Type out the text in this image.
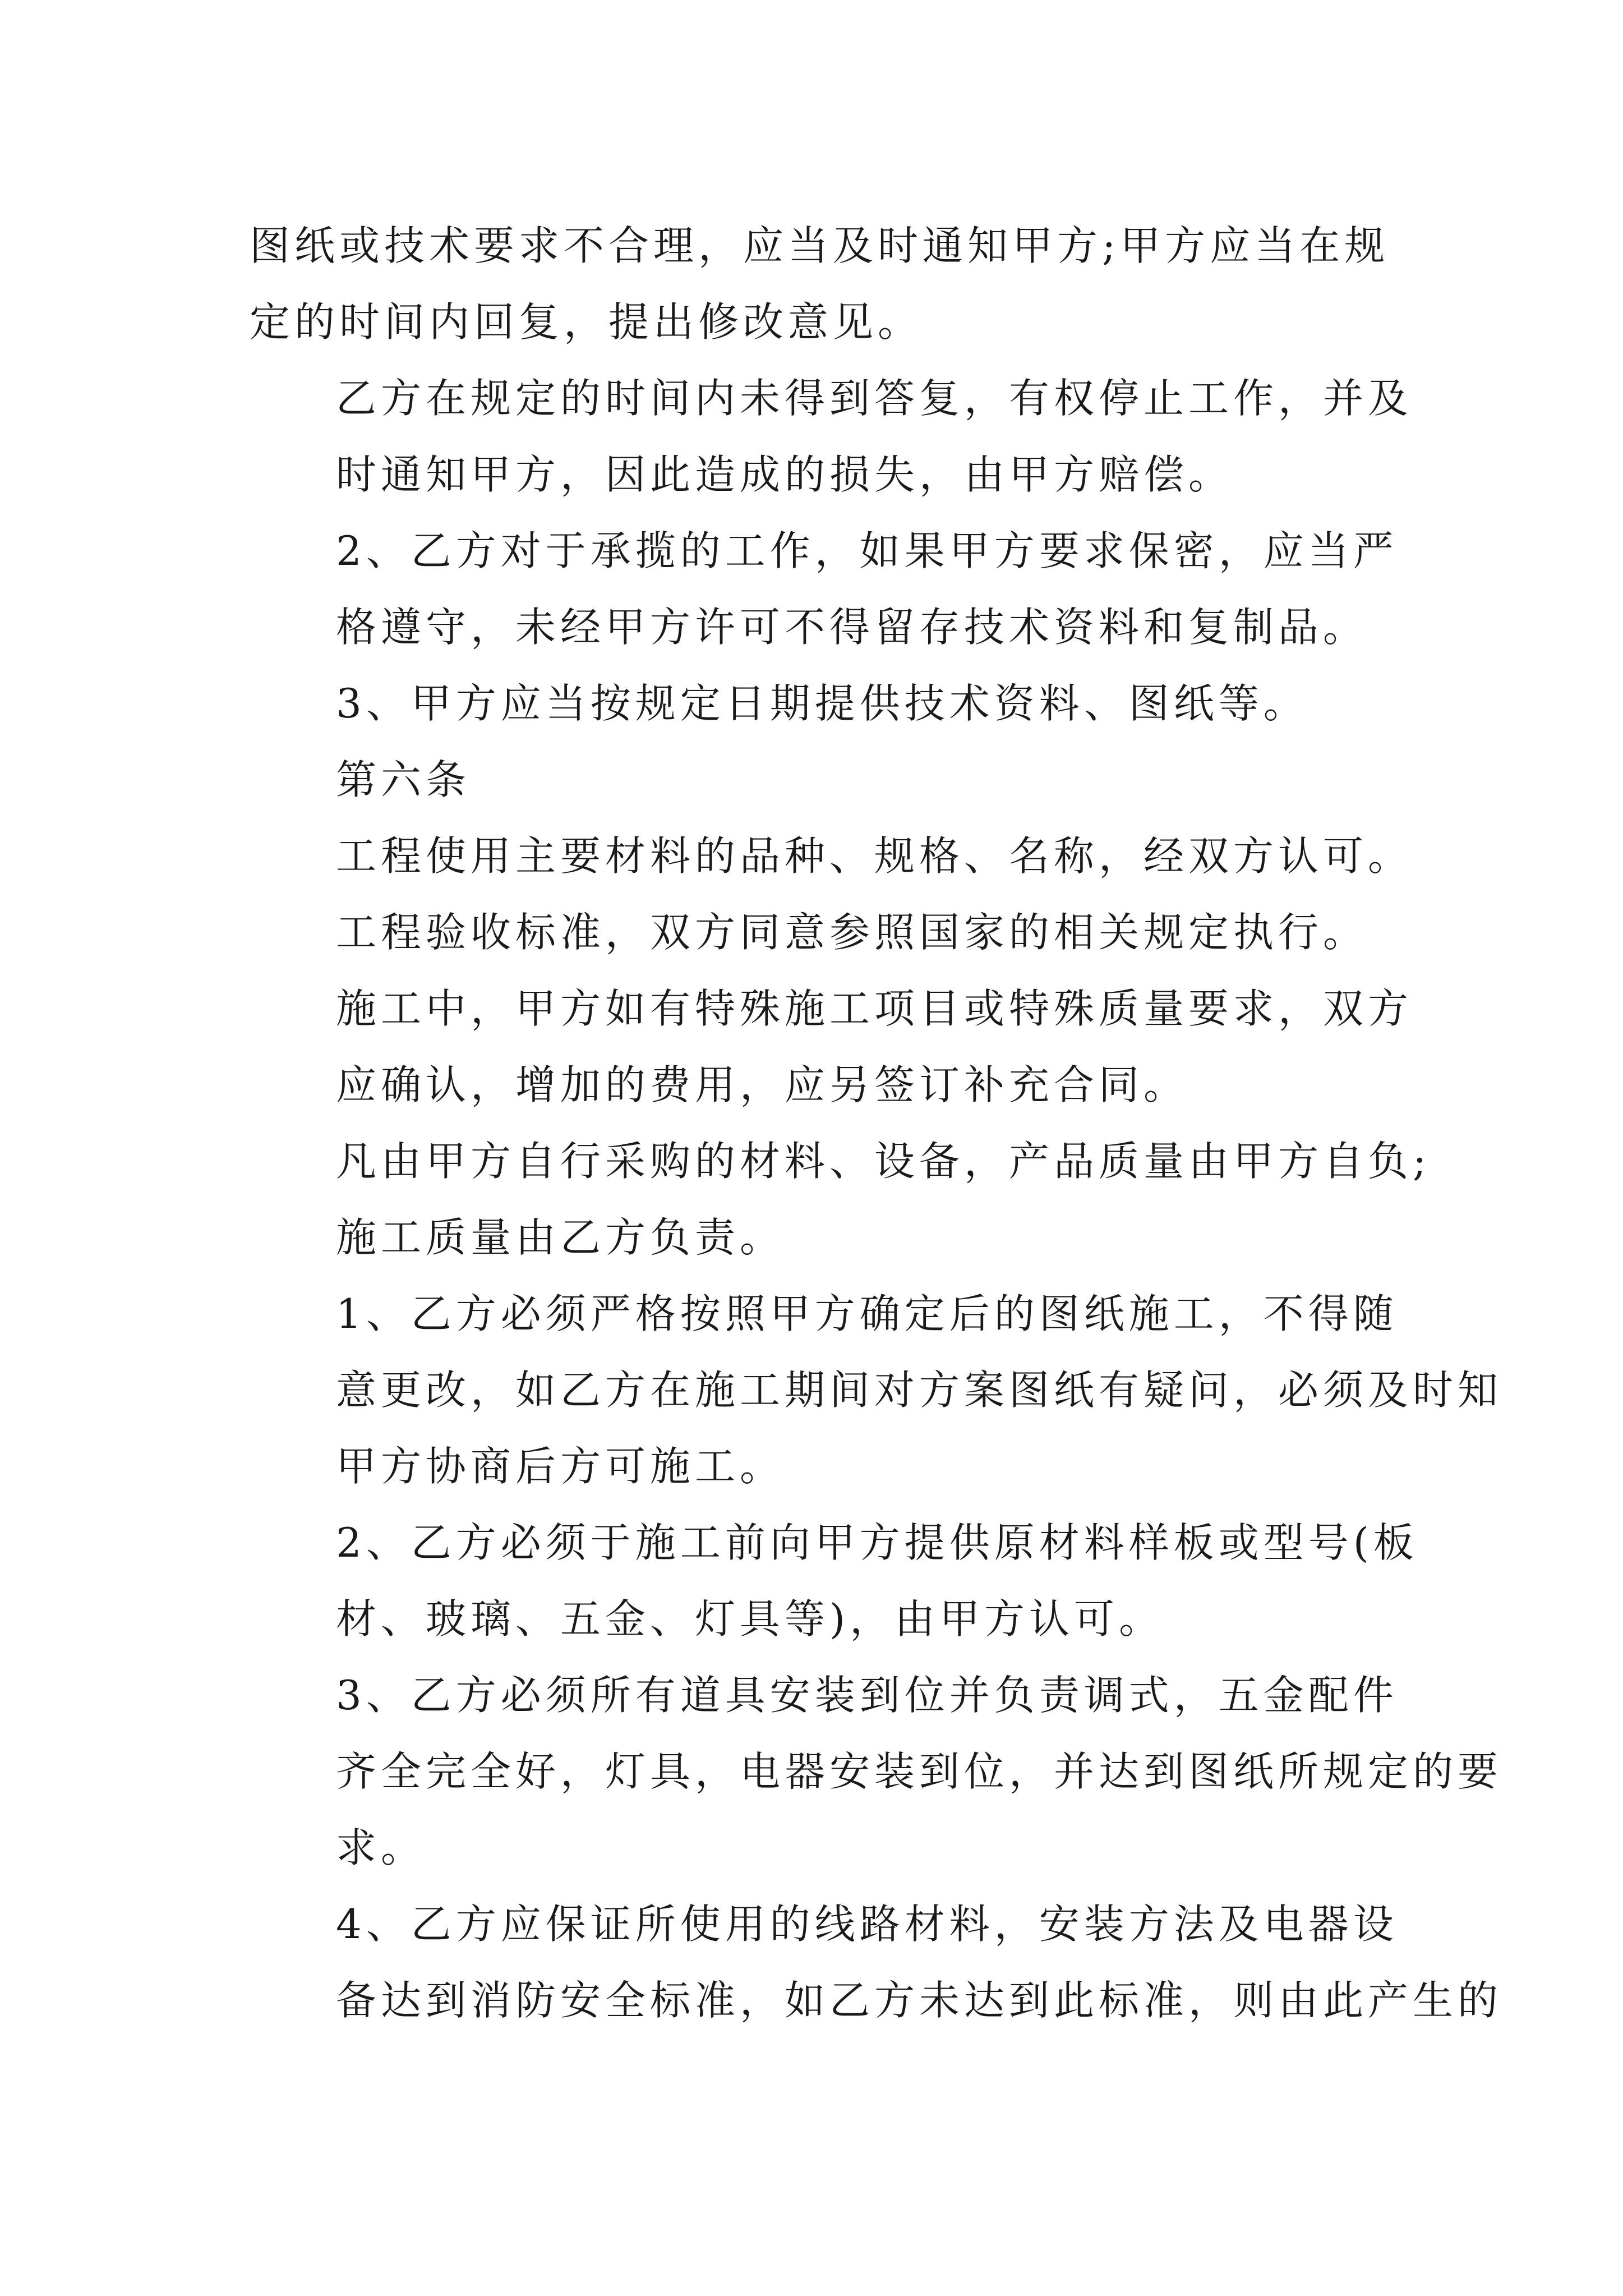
图纸或技术要求不合理，应当及时通知甲方;甲方应当在规
定的时间内回复，提出修改意见。

乙方在规定的时间内未得到答复，有权停止工作，并及
时通知甲方，因此造成的损失，由甲方赔偿。

2、乙方对于承揽的工作，如果甲方要求保密，应当严
格遵守，未经甲方许可不得留存技术资料和复制品。

3、甲方应当按规定日期提供技术资料、图纸等。

第六条

工程使用主要材料的品种、规格、名称，经双方认可。

工程验收标准，双方同意参照国家的相关规定执行。

施工中，甲方如有特殊施工项目或特殊质量要求，双方
应确认，增加的费用，应另签订补充合同。

凡由甲方自行采购的材料、设备，产品质量由甲方自负;
施工质量由乙方负责。

1、乙方必须严格按照甲方确定后的图纸施工，不得随
意更改，如乙方在施工期间对方案图纸有疑问，必须及时知
甲方协商后方可施工。

2、乙方必须于施工前向甲方提供原材料样板或型号(板
材、玻璃、五金、灯具等)，由甲方认可。

3、乙方必须所有道具安装到位并负责调式，五金配件
齐全完全好，灯具，电器安装到位，并达到图纸所规定的要
求。

4、乙方应保证所使用的线路材料，安装方法及电器设
备达到消防安全标准，如乙方未达到此标准，则由此产生的
